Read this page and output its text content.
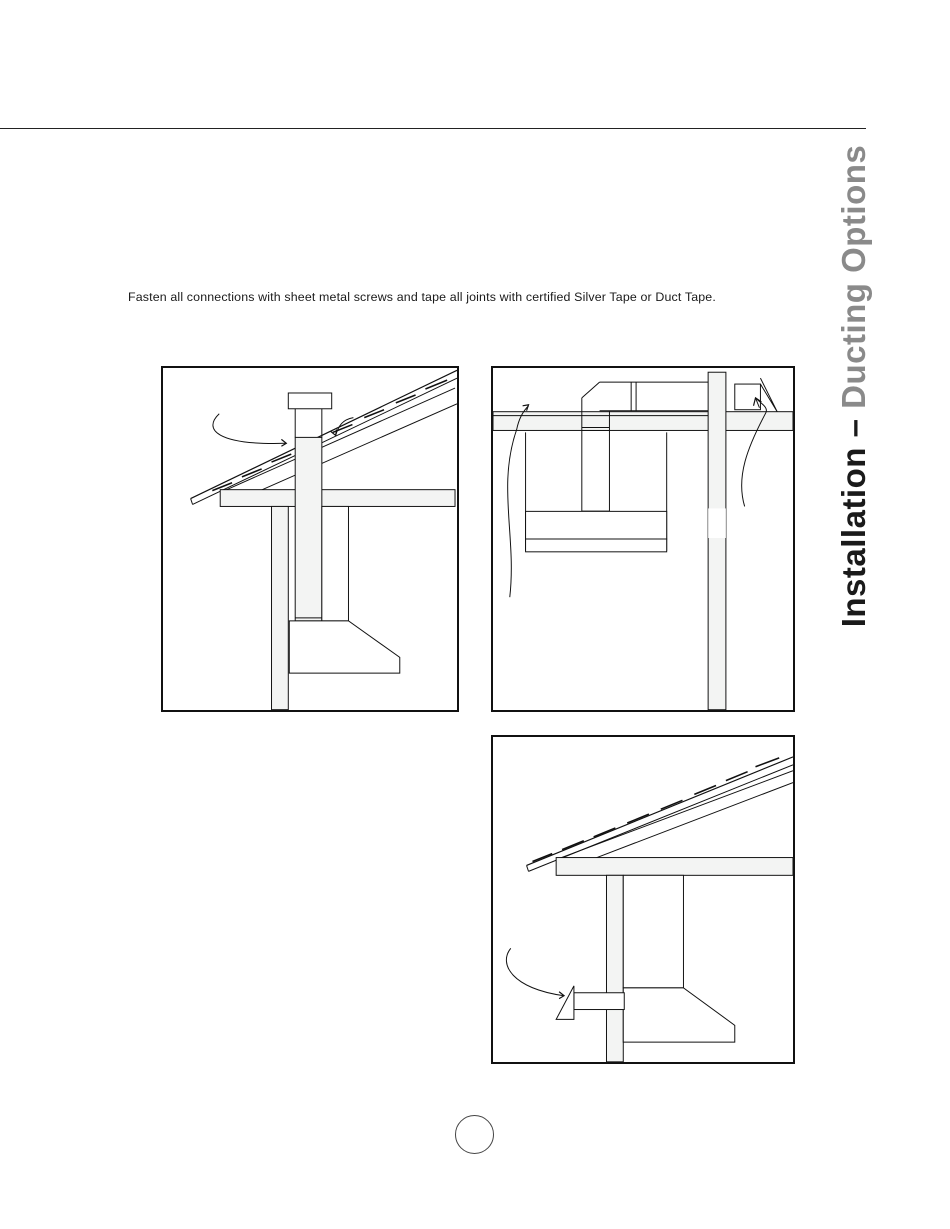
Installation – Ducting Options
Fasten all connections with sheet metal screws and tape all joints with certified Silver Tape or Duct Tape.
